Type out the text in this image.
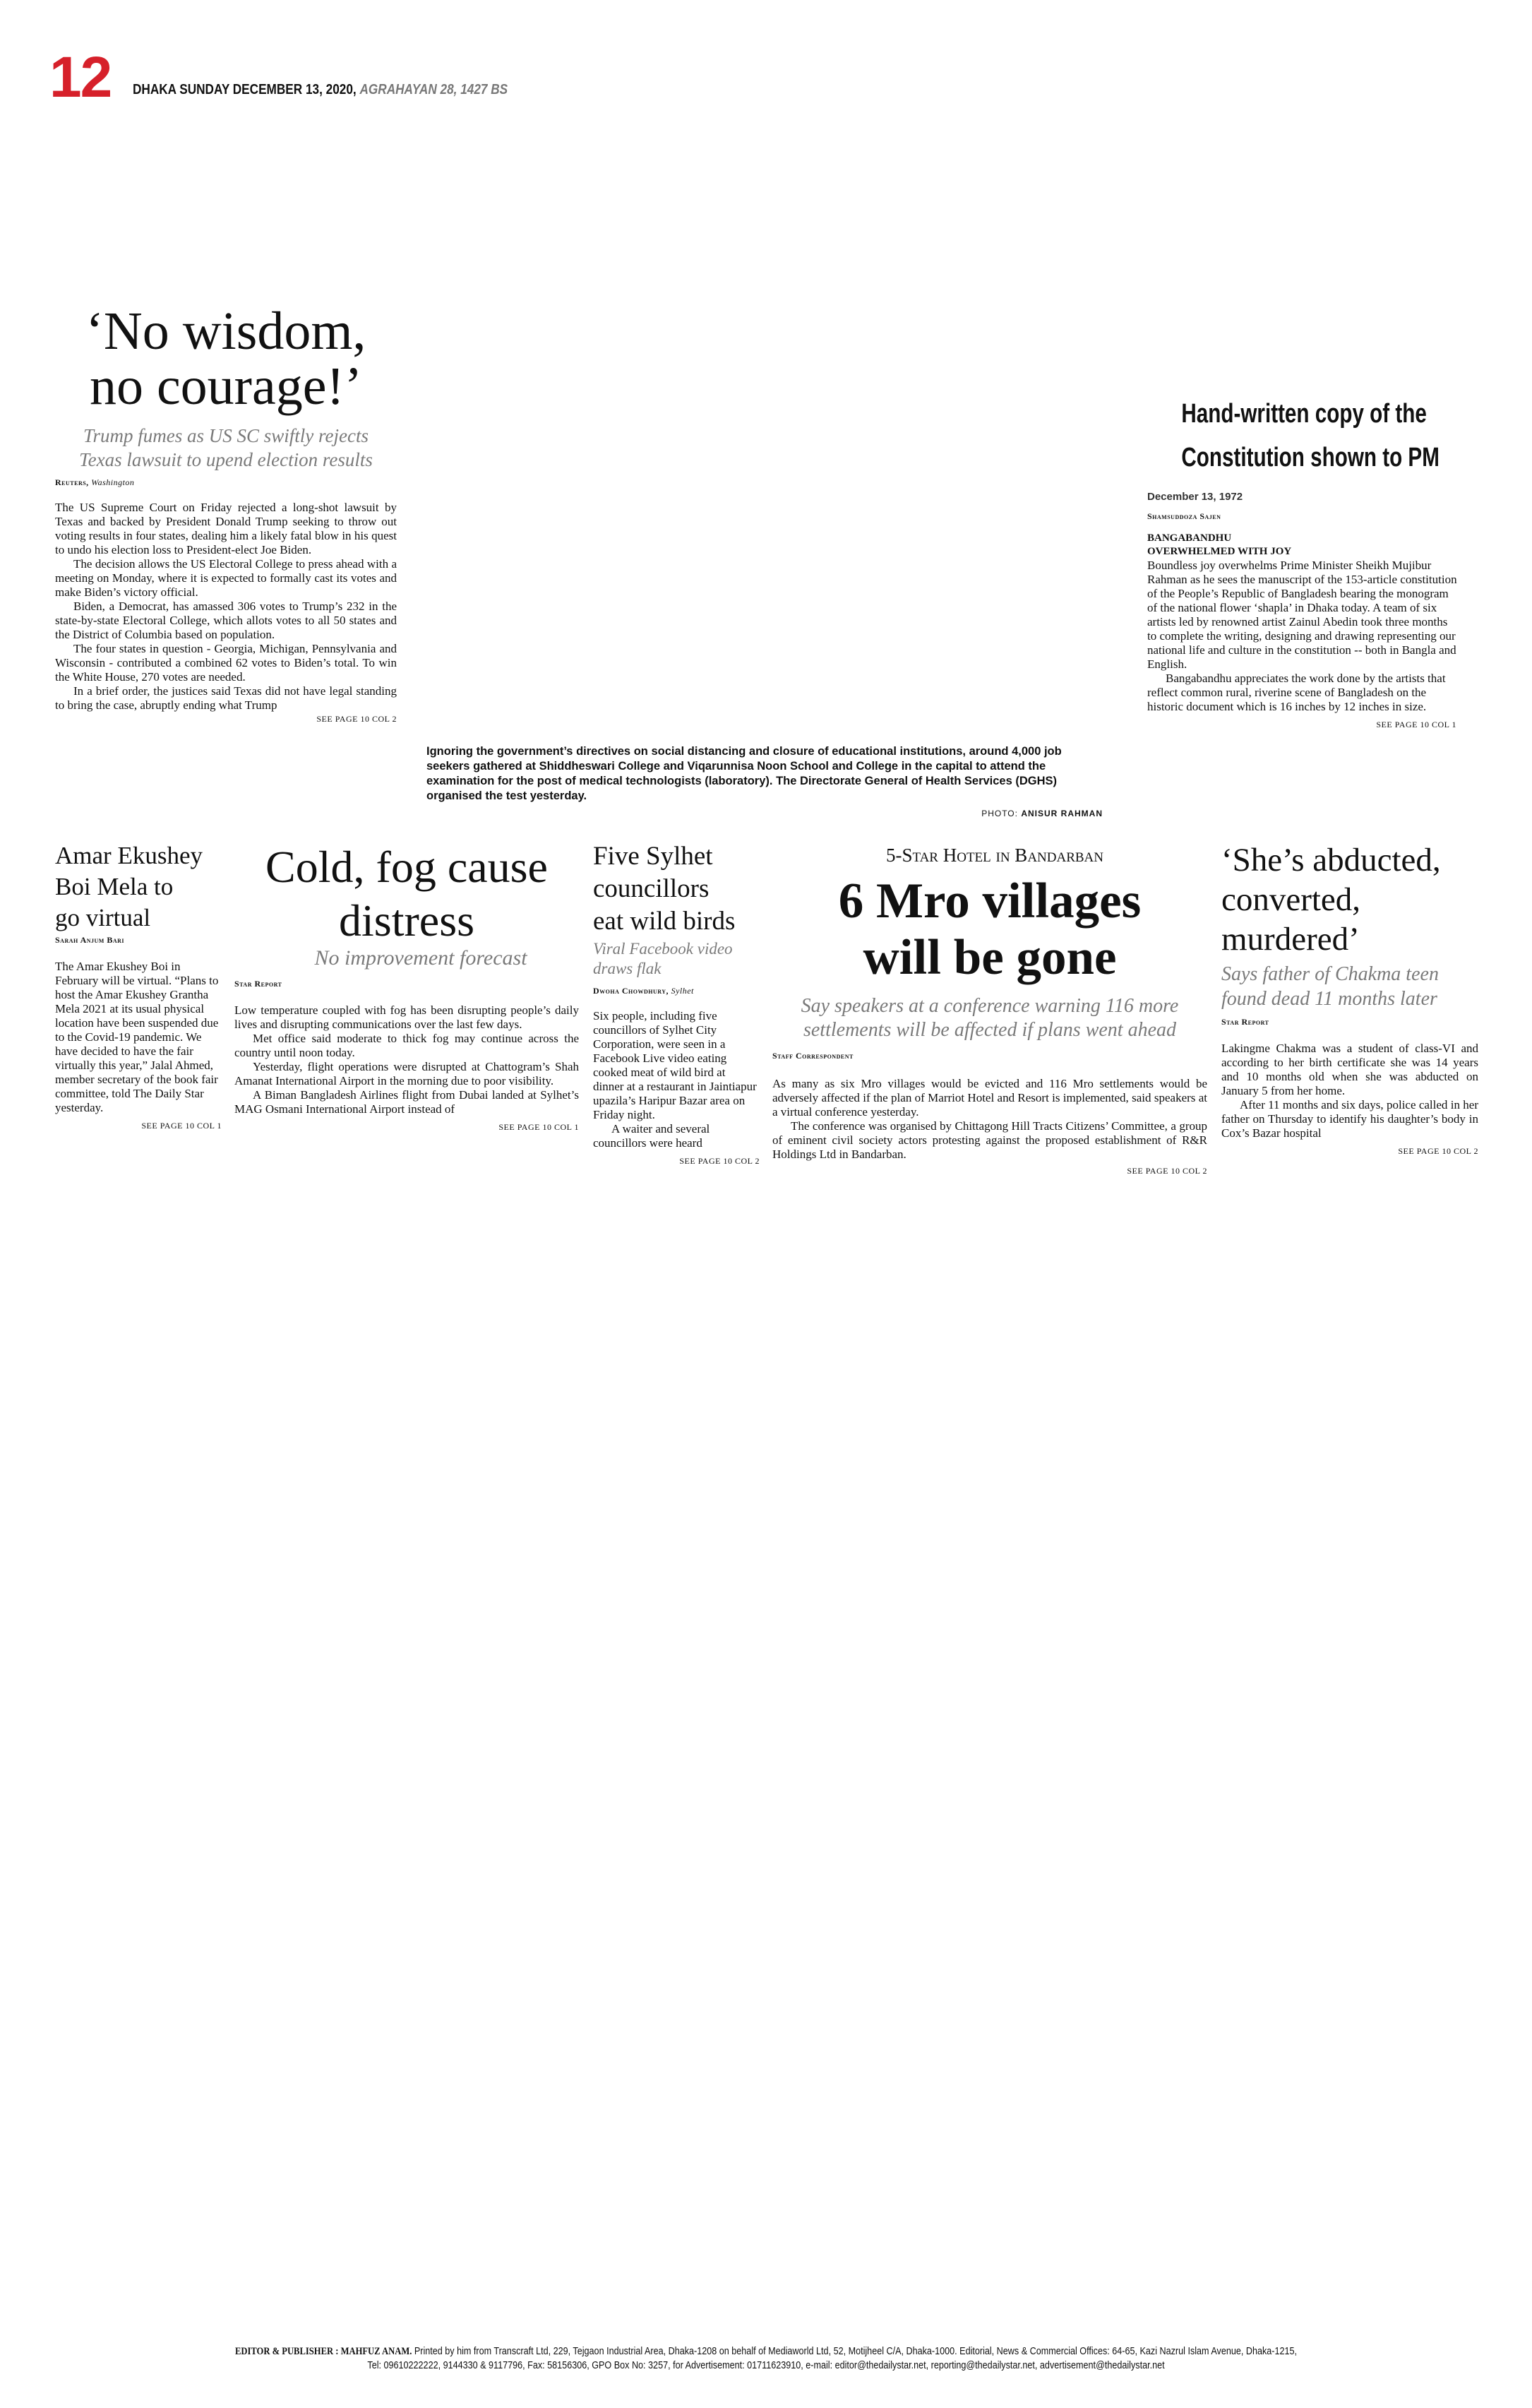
12 DHAKA SUNDAY DECEMBER 13, 2020, AGRAHAYAN 28, 1427 BS
‘No wisdom,
no courage!’
Trump fumes as US SC swiftly rejects
Texas lawsuit to upend election results
Reuters, Washington

The US Supreme Court on Friday rejected a long-shot lawsuit by Texas and backed by President Donald Trump seeking to throw out voting results in four states, dealing him a likely fatal blow in his quest to undo his election loss to President-elect Joe Biden.

The decision allows the US Electoral College to press ahead with a meeting on Monday, where it is expected to formally cast its votes and make Biden’s victory official.

Biden, a Democrat, has amassed 306 votes to Trump’s 232 in the state-by-state Electoral College, which allots votes to all 50 states and the District of Columbia based on population.

The four states in question - Georgia, Michigan, Pennsylvania and Wisconsin - contributed a combined 62 votes to Biden’s total. To win the White House, 270 votes are needed.

In a brief order, the justices said Texas did not have legal standing to bring the case, abruptly ending what Trump

SEE PAGE 10 COL 2
Ignoring the government’s directives on social distancing and closure of educational institutions, around 4,000 job seekers gathered at Shiddheswari College and Viqarunnisa Noon School and College in the capital to attend the examination for the post of medical technologists (laboratory). The Directorate General of Health Services (DGHS) organised the test yesterday.
PHOTO: ANISUR RAHMAN
Hand-written copy of the
Constitution shown to PM
December 13, 1972
Shamsuddoza Sajen
BANGABANDHU
OVERWHELMED WITH JOY

Boundless joy overwhelms Prime Minister Sheikh Mujibur Rahman as he sees the manuscript of the 153-article constitution of the People’s Republic of Bangladesh bearing the monogram of the national flower ‘shapla’ in Dhaka today. A team of six artists led by renowned artist Zainul Abedin took three months to complete the writing, designing and drawing representing our national life and culture in the constitution -- both in Bangla and English.

Bangabandhu appreciates the work done by the artists that reflect common rural, riverine scene of Bangladesh on the historic document which is 16 inches by 12 inches in size.

SEE PAGE 10 COL 1
Amar Ekushey
Boi Mela to
go virtual
Sarah Anjum Bari

The Amar Ekushey Boi in February will be virtual. “Plans to host the Amar Ekushey Grantha Mela 2021 at its usual physical location have been suspended due to the Covid-19 pandemic. We have decided to have the fair virtually this year,” Jalal Ahmed, member secretary of the book fair committee, told The Daily Star yesterday.

SEE PAGE 10 COL 1
Cold, fog cause
distress
No improvement forecast
Star Report

Low temperature coupled with fog has been disrupting people’s daily lives and disrupting communications over the last few days.

Met office said moderate to thick fog may continue across the country until noon today.

Yesterday, flight operations were disrupted at Chattogram’s Shah Amanat International Airport in the morning due to poor visibility.

A Biman Bangladesh Airlines flight from Dubai landed at Sylhet’s MAG Osmani International Airport instead of

SEE PAGE 10 COL 1
Five Sylhet
councillors
eat wild birds
Viral Facebook video
draws flak
Dwoha Chowdhury, Sylhet

Six people, including five councillors of Sylhet City Corporation, were seen in a Facebook Live video eating cooked meat of wild bird at dinner at a restaurant in Jaintiapur upazila’s Haripur Bazar area on Friday night.

A waiter and several councillors were heard

SEE PAGE 10 COL 2
5-Star Hotel in Bandarban
6 Mro villages
will be gone
Say speakers at a conference warning 116 more
settlements will be affected if plans went ahead
Staff Correspondent

As many as six Mro villages would be evicted and 116 Mro settlements would be adversely affected if the plan of Marriot Hotel and Resort is implemented, said speakers at a virtual conference yesterday.

The conference was organised by Chittagong Hill Tracts Citizens’ Committee, a group of eminent civil society actors protesting against the proposed establishment of R&R Holdings Ltd in Bandarban.

SEE PAGE 10 COL 2
‘She’s abducted,
converted,
murdered’
Says father of Chakma teen
found dead 11 months later
Star Report

Lakingme Chakma was a student of class-VI and according to her birth certificate she was 14 years and 10 months old when she was abducted on January 5 from her home.

After 11 months and six days, police called in her father on Thursday to identify his daughter’s body in Cox’s Bazar hospital

SEE PAGE 10 COL 2
EDITOR & PUBLISHER : MAHFUZ ANAM. Printed by him from Transcraft Ltd, 229, Tejgaon Industrial Area, Dhaka-1208 on behalf of Mediaworld Ltd, 52, Motijheel C/A, Dhaka-1000. Editorial, News & Commercial Offices: 64-65, Kazi Nazrul Islam Avenue, Dhaka-1215,
Tel: 09610222222, 9144330 & 9117796, Fax: 58156306, GPO Box No: 3257, for Advertisement: 01711623910, e-mail: editor@thedailystar.net, reporting@thedailystar.net, advertisement@thedailystar.net
